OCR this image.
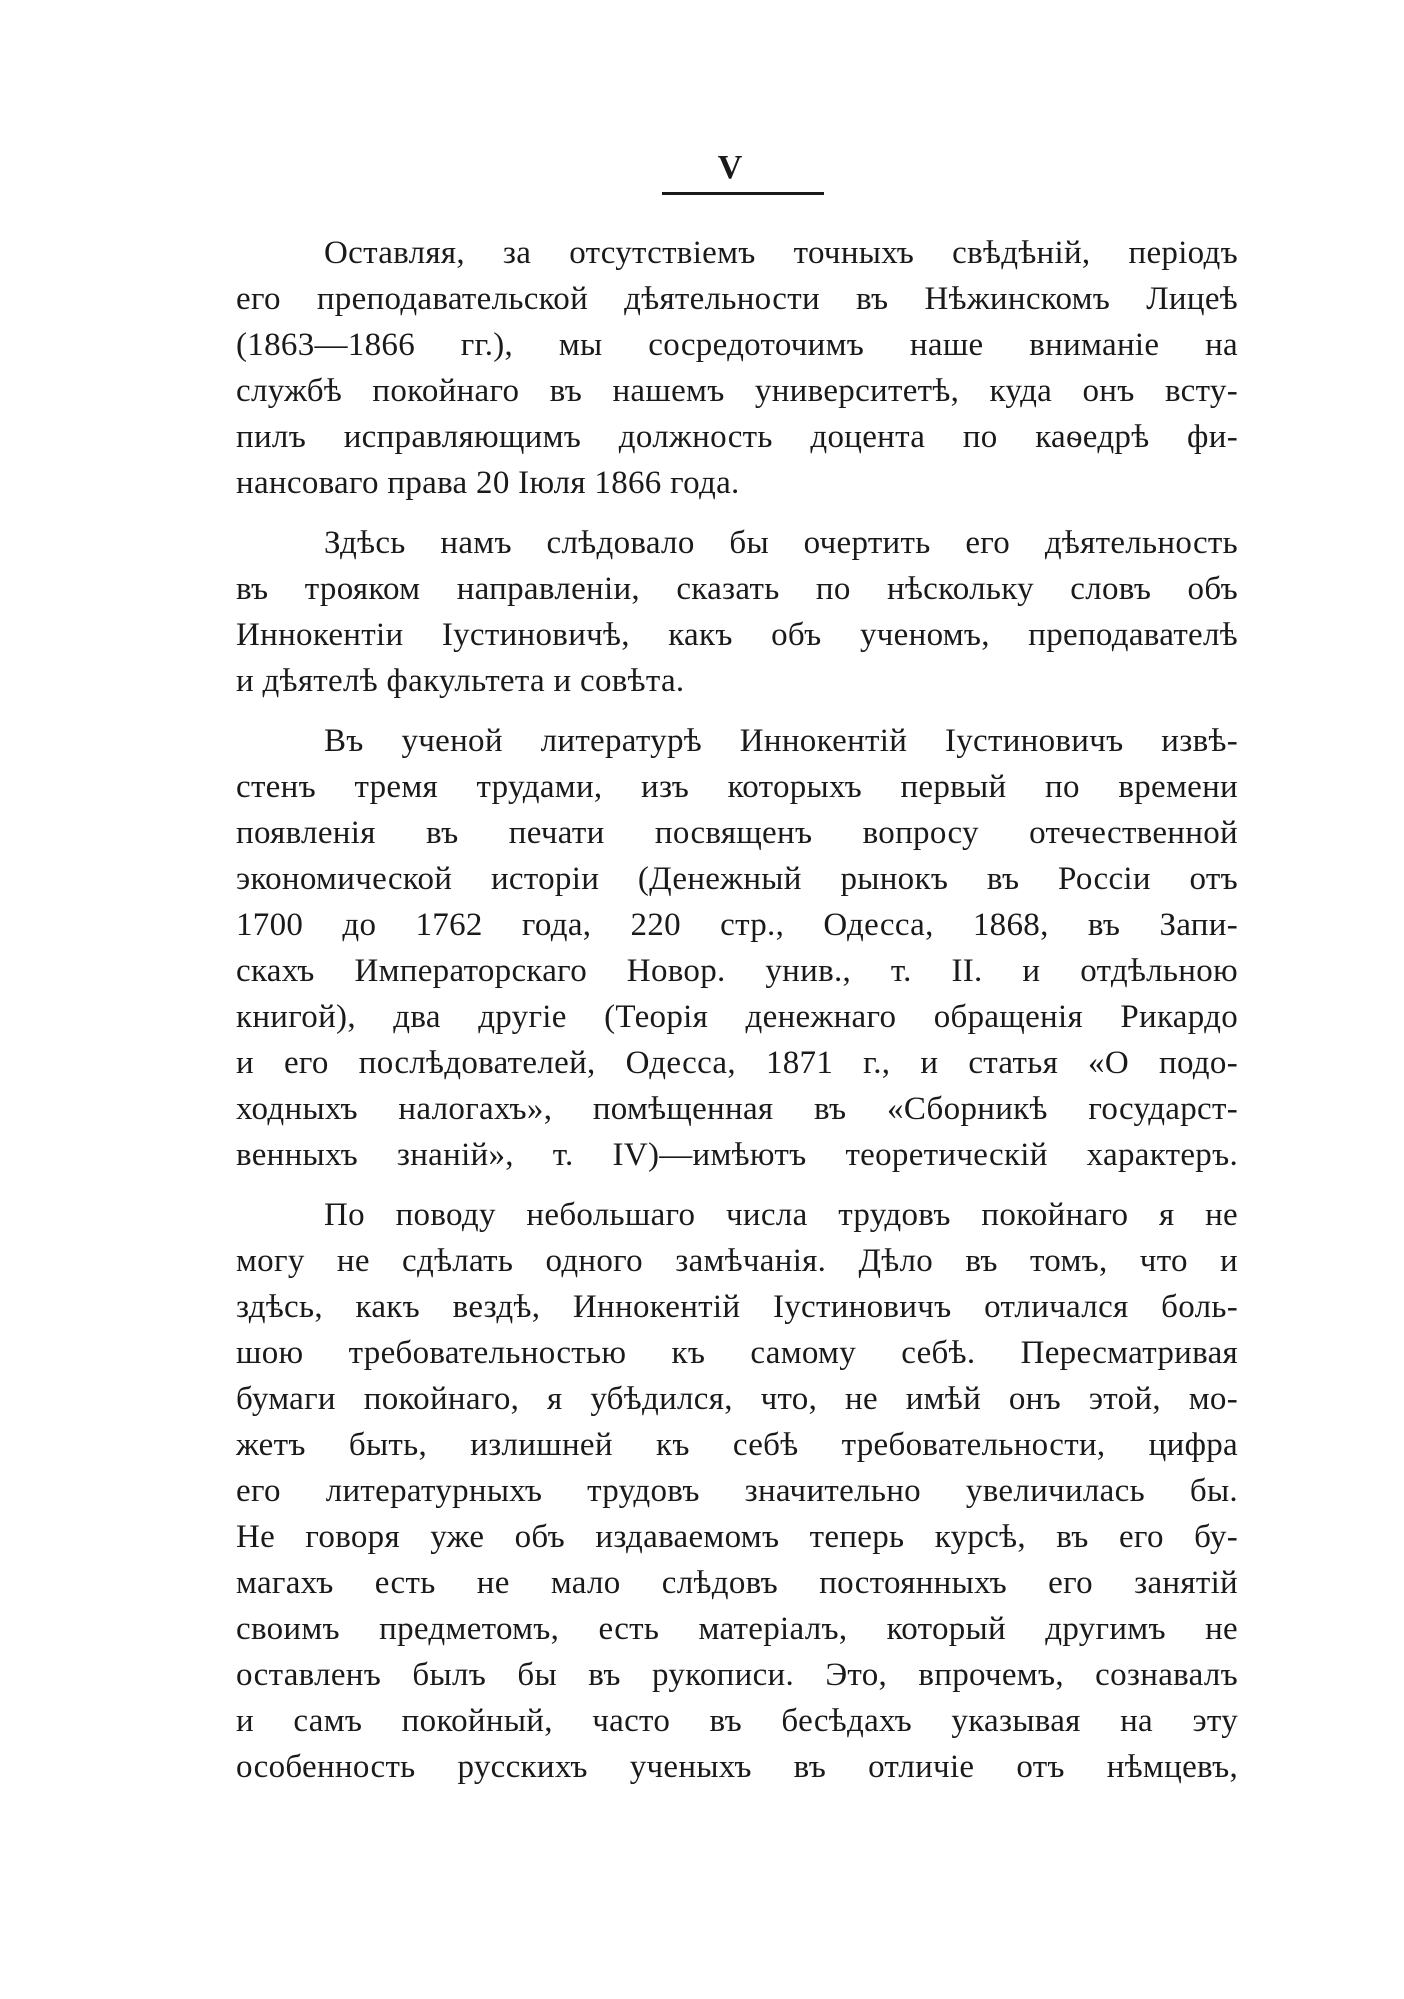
V
Оставляя, за отсутствіемъ точныхъ свѣдѣній, періодъ
его преподавательской дѣятельности въ Нѣжинскомъ Лицеѣ
(1863—1866 гг.), мы сосредоточимъ наше вниманіе на
службѣ покойнаго въ нашемъ университетѣ, куда онъ всту-
пилъ исправляющимъ должность доцента по каѳедрѣ фи-
нансоваго права 20 Іюля 1866 года.
Здѣсь намъ слѣдовало бы очертить его дѣятельность
въ трояком направленіи, сказать по нѣскольку словъ объ
Иннокентіи Іустиновичѣ, какъ объ ученомъ, преподавателѣ
и дѣятелѣ факультета и совѣта.
Въ ученой литературѣ Иннокентій Іустиновичъ извѣ-
стенъ тремя трудами, изъ которыхъ первый по времени
появленія въ печати посвященъ вопросу отечественной
экономической исторіи (Денежный рынокъ въ Россіи отъ
1700 до 1762 года, 220 стр., Одесса, 1868, въ Запи-
скахъ Императорскаго Новор. унив., т. II. и отдѣльною
книгой), два другіе (Теорія денежнаго обращенія Рикардо
и его послѣдователей, Одесса, 1871 г., и статья «О подо-
ходныхъ налогахъ», помѣщенная въ «Сборникѣ государст-
венныхъ знаній», т. IV)—имѣютъ теоретическій характеръ.
По поводу небольшаго числа трудовъ покойнаго я не
могу не сдѣлать одного замѣчанія. Дѣло въ томъ, что и
здѣсь, какъ вездѣ, Иннокентій Іустиновичъ отличался боль-
шою требовательностью къ самому себѣ. Пересматривая
бумаги покойнаго, я убѣдился, что, не имѣй онъ этой, мо-
жетъ быть, излишней къ себѣ требовательности, цифра
его литературныхъ трудовъ значительно увеличилась бы.
Не говоря уже объ издаваемомъ теперь курсѣ, въ его бу-
магахъ есть не мало слѣдовъ постоянныхъ его занятій
своимъ предметомъ, есть матеріалъ, который другимъ не
оставленъ былъ бы въ рукописи. Это, впрочемъ, сознавалъ
и самъ покойный, часто въ бесѣдахъ указывая на эту
особенность русскихъ ученыхъ въ отличіе отъ нѣмцевъ,
